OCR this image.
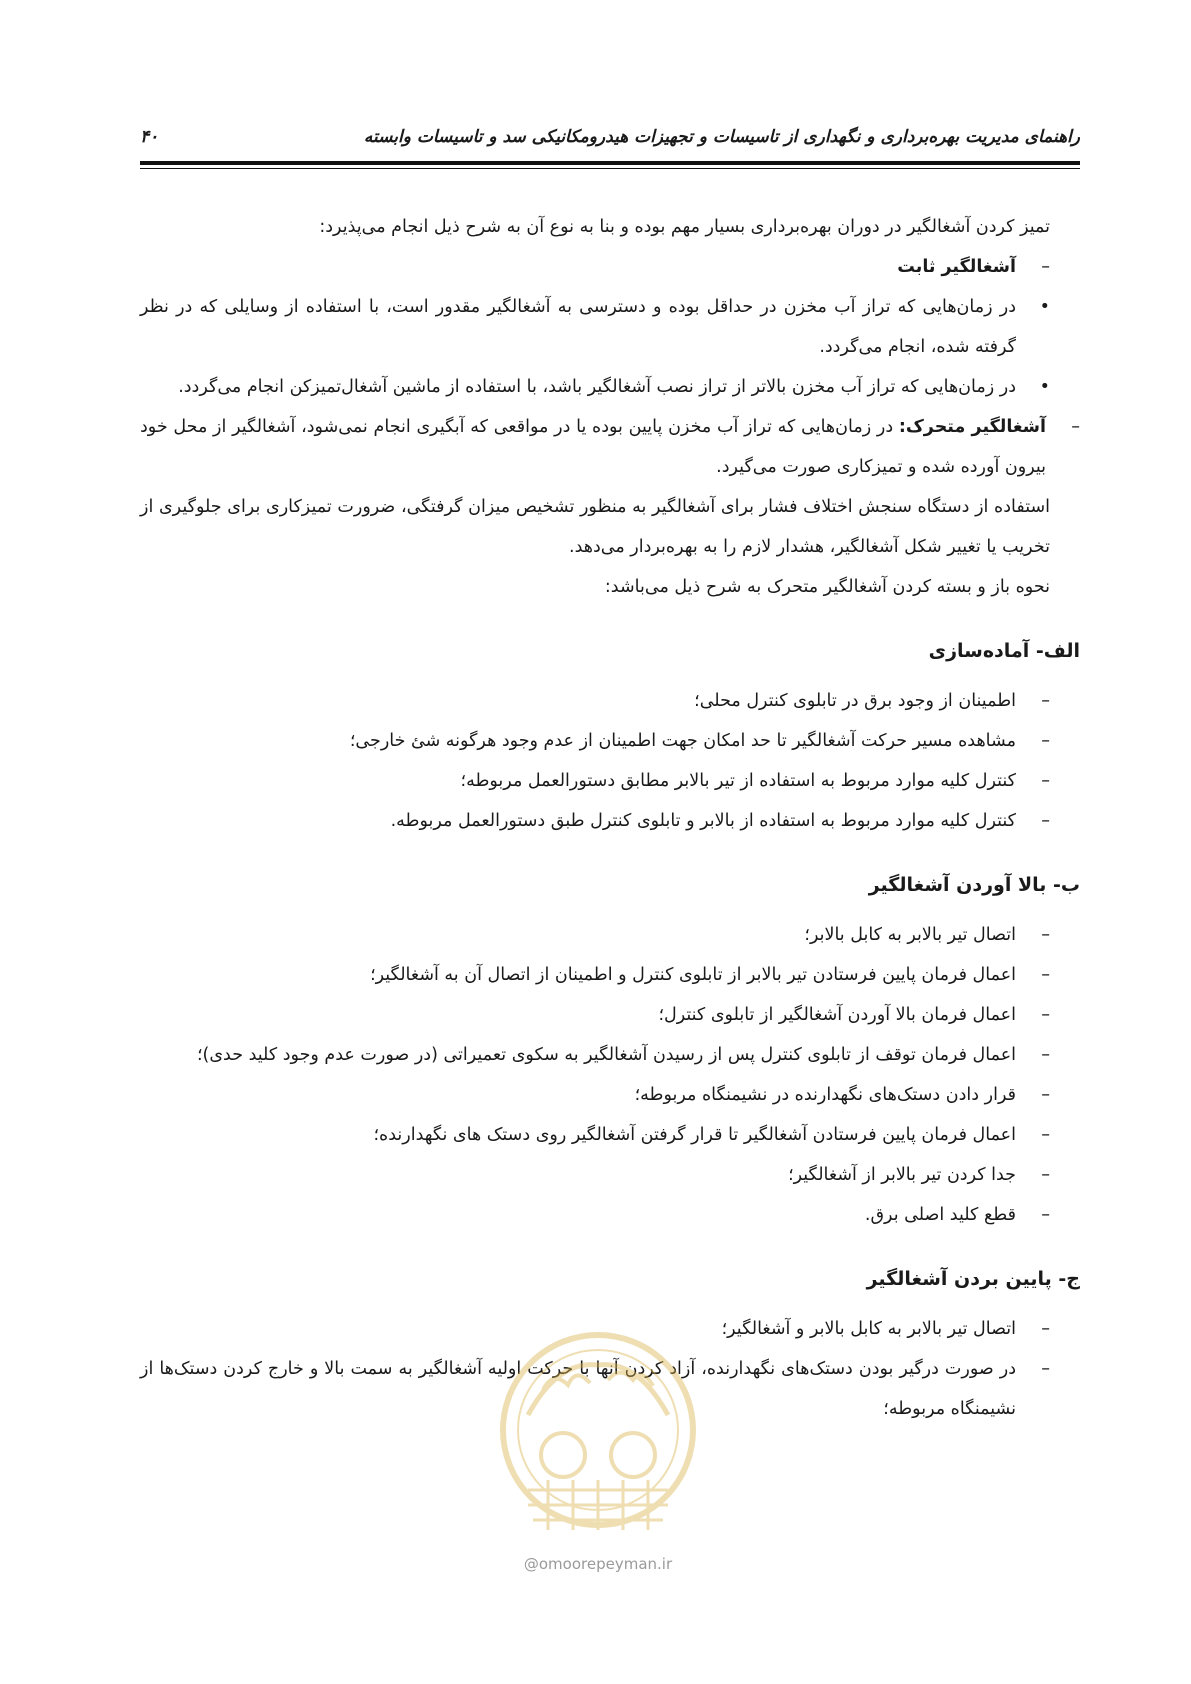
راهنمای مدیریت بهره‌برداری و نگهداری از تاسیسات و تجهیزات هیدرومکانیکی سد و تاسیسات وابسته
۴۰

تمیز کردن آشغالگیر در دوران بهره‌برداری بسیار مهم بوده و بنا به نوع آن به شرح ذیل انجام می‌پذیرد:

–
آشغالگیر ثابت
•
در زمان‌هایی که تراز آب مخزن در حداقل بوده و دسترسی به آشغالگیر مقدور است، با استفاده از وسایلی که در نظر گرفته شده، انجام می‌گردد.
•
در زمان‌هایی که تراز آب مخزن بالاتر از تراز نصب آشغالگیر باشد، با استفاده از ماشین آشغال‌تمیزکن انجام می‌گردد.
–
آشغالگیر متحرک: در زمان‌هایی که تراز آب مخزن پایین بوده یا در مواقعی که آبگیری انجام نمی‌شود، آشغالگیر از محل خود بیرون آورده شده و تمیزکاری صورت می‌گیرد.

استفاده از دستگاه سنجش اختلاف فشار برای آشغالگیر به منظور تشخیص میزان گرفتگی، ضرورت تمیزکاری برای جلوگیری از تخریب یا تغییر شکل آشغالگیر، هشدار لازم را به بهره‌بردار می‌دهد.

نحوه باز و بسته کردن آشغالگیر متحرک به شرح ذیل می‌باشد:

الف- آماده‌سازی
–
اطمینان از وجود برق در تابلوی کنترل محلی؛
–
مشاهده مسیر حرکت آشغالگیر تا حد امکان جهت اطمینان از عدم وجود هرگونه شئ خارجی؛
–
کنترل کلیه موارد مربوط به استفاده از تیر بالابر مطابق دستورالعمل مربوطه؛
–
کنترل کلیه موارد مربوط به استفاده از بالابر و تابلوی کنترل طبق دستورالعمل مربوطه.
ب- بالا آوردن آشغالگیر
–
اتصال تیر بالابر به کابل بالابر؛
–
اعمال فرمان پایین فرستادن تیر بالابر از تابلوی کنترل و اطمینان از اتصال آن به آشغالگیر؛
–
اعمال فرمان بالا آوردن آشغالگیر از تابلوی کنترل؛
–
اعمال فرمان توقف از تابلوی کنترل پس از رسیدن آشغالگیر به سکوی تعمیراتی (در صورت عدم وجود کلید حدی)؛
–
قرار دادن دستک‌های نگهدارنده در نشیمنگاه مربوطه؛
–
اعمال فرمان پایین فرستادن آشغالگیر تا قرار گرفتن آشغالگیر روی دستک های نگهدارنده؛
–
جدا کردن تیر بالابر از آشغالگیر؛
–
قطع کلید اصلی برق.
ج- پایین بردن آشغالگیر
–
اتصال تیر بالابر به کابل بالابر و آشغالگیر؛
–
در صورت درگیر بودن دستک‌های نگهدارنده، آزاد کردن آنها با حرکت اولیه آشغالگیر به سمت بالا و خارج کردن دستک‌ها از نشیمنگاه مربوطه؛
@omoorepeyman.ir
